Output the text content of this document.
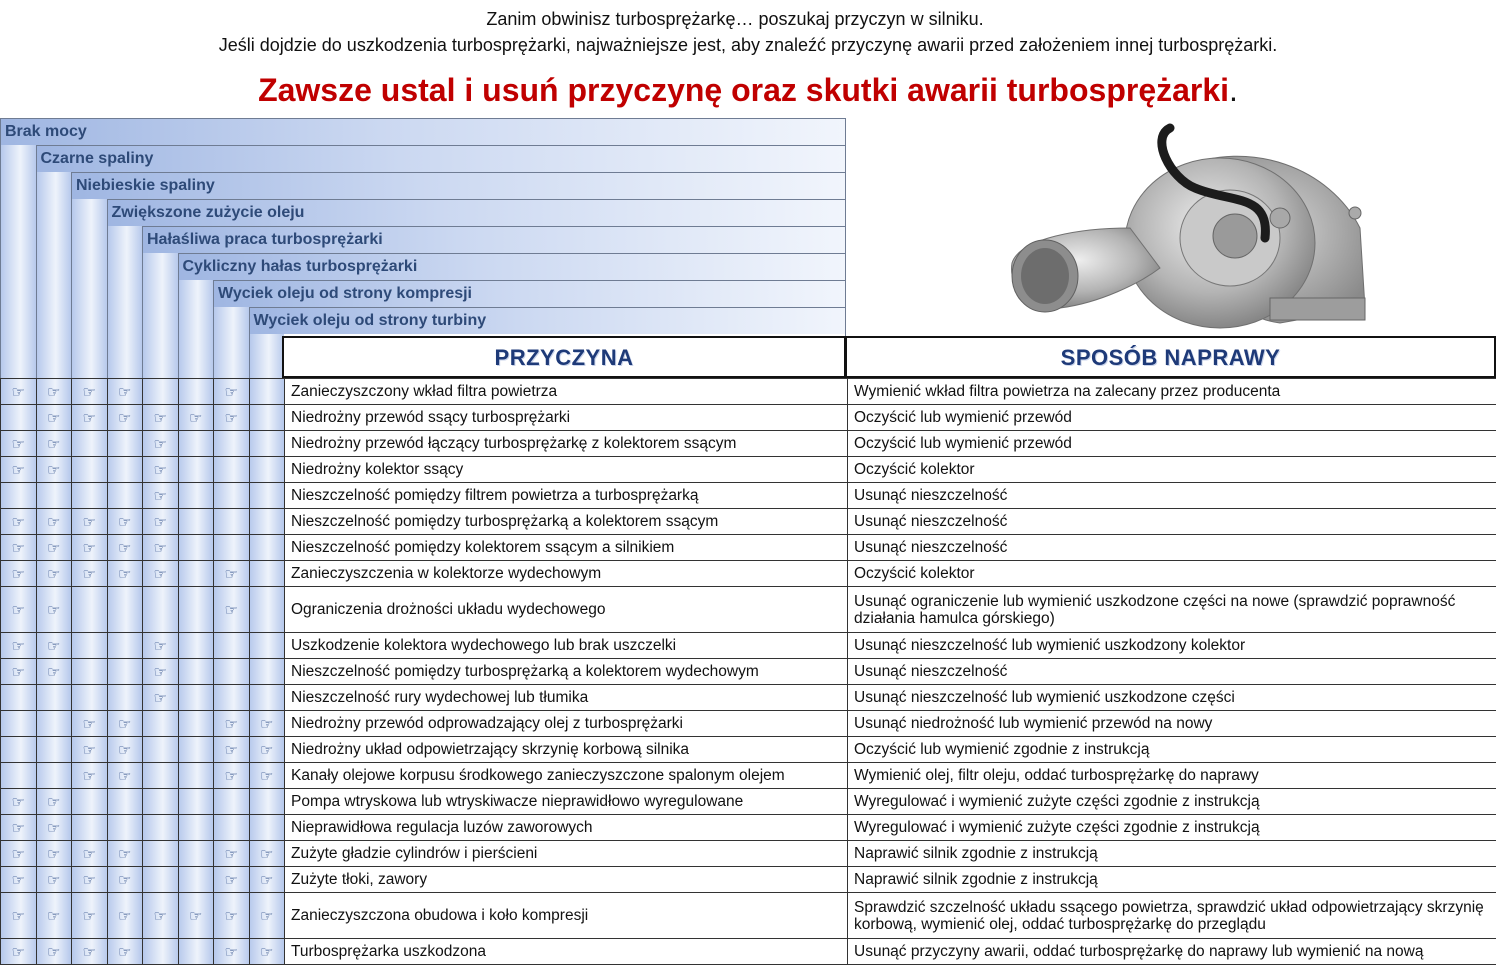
Zanim obwinisz turbosprężarkę… poszukaj przyczyn w silniku.
Jeśli dojdzie do uszkodzenia turbosprężarki, najważniejsze jest, aby znaleźć przyczynę awarii przed założeniem innej turbosprężarki.
Zawsze ustal i usuń przyczynę oraz skutki awarii turbosprężarki.
Brak mocy
Czarne spaliny
Niebieskie spaliny
Zwiększone zużycie oleju
Hałaśliwa praca turbosprężarki
Cykliczny hałas turbosprężarki
Wyciek oleju od strony kompresji
Wyciek oleju od strony turbiny
PRZYCZYNA	SPOSÓB NAPRAWY
☞	☞	☞	☞			☞		Zanieczyszczony wkład filtra powietrza	Wymienić wkład filtra powietrza na zalecany przez producenta
	☞	☞	☞	☞	☞	☞		Niedrożny przewód ssący turbosprężarki	Oczyścić lub wymienić przewód
☞	☞			☞				Niedrożny przewód łączący turbosprężarkę z kolektorem ssącym	Oczyścić lub wymienić przewód
☞	☞			☞				Niedrożny kolektor ssący	Oczyścić kolektor
				☞				Nieszczelność pomiędzy filtrem powietrza a turbosprężarką	Usunąć nieszczelność
☞	☞	☞	☞	☞				Nieszczelność pomiędzy turbosprężarką a kolektorem ssącym	Usunąć nieszczelność
☞	☞	☞	☞	☞				Nieszczelność pomiędzy kolektorem ssącym a silnikiem	Usunąć nieszczelność
☞	☞	☞	☞	☞		☞		Zanieczyszczenia w kolektorze wydechowym	Oczyścić kolektor
☞	☞					☞		Ograniczenia drożności układu wydechowego	Usunąć ograniczenie lub wymienić uszkodzone części na nowe (sprawdzić poprawność działania hamulca górskiego)
☞	☞			☞				Uszkodzenie kolektora wydechowego lub brak uszczelki	Usunąć nieszczelność lub wymienić uszkodzony kolektor
☞	☞			☞				Nieszczelność pomiędzy turbosprężarką a kolektorem wydechowym	Usunąć nieszczelność
				☞				Nieszczelność rury wydechowej lub tłumika	Usunąć nieszczelność lub wymienić uszkodzone części
		☞	☞			☞	☞	Niedrożny przewód odprowadzający olej z turbosprężarki	Usunąć niedrożność lub wymienić przewód na nowy
		☞	☞			☞	☞	Niedrożny układ odpowietrzający skrzynię korbową silnika	Oczyścić lub wymienić zgodnie z instrukcją
		☞	☞			☞	☞	Kanały olejowe korpusu środkowego zanieczyszczone spalonym olejem	Wymienić olej, filtr oleju, oddać turbosprężarkę do naprawy
☞	☞							Pompa wtryskowa lub wtryskiwacze nieprawidłowo wyregulowane	Wyregulować i wymienić zużyte części zgodnie z instrukcją
☞	☞							Nieprawidłowa regulacja luzów zaworowych	Wyregulować i wymienić zużyte części zgodnie z instrukcją
☞	☞	☞	☞			☞	☞	Zużyte gładzie cylindrów i pierścieni	Naprawić silnik zgodnie z instrukcją
☞	☞	☞	☞			☞	☞	Zużyte tłoki, zawory	Naprawić silnik zgodnie z instrukcją
☞	☞	☞	☞	☞	☞	☞	☞	Zanieczyszczona obudowa i koło kompresji	Sprawdzić szczelność układu ssącego powietrza, sprawdzić układ odpowietrzający skrzynię korbową, wymienić olej, oddać turbosprężarkę do przeglądu
☞	☞	☞	☞			☞	☞	Turbosprężarka uszkodzona	Usunąć przyczyny awarii, oddać turbosprężarkę do naprawy lub wymienić na nową
